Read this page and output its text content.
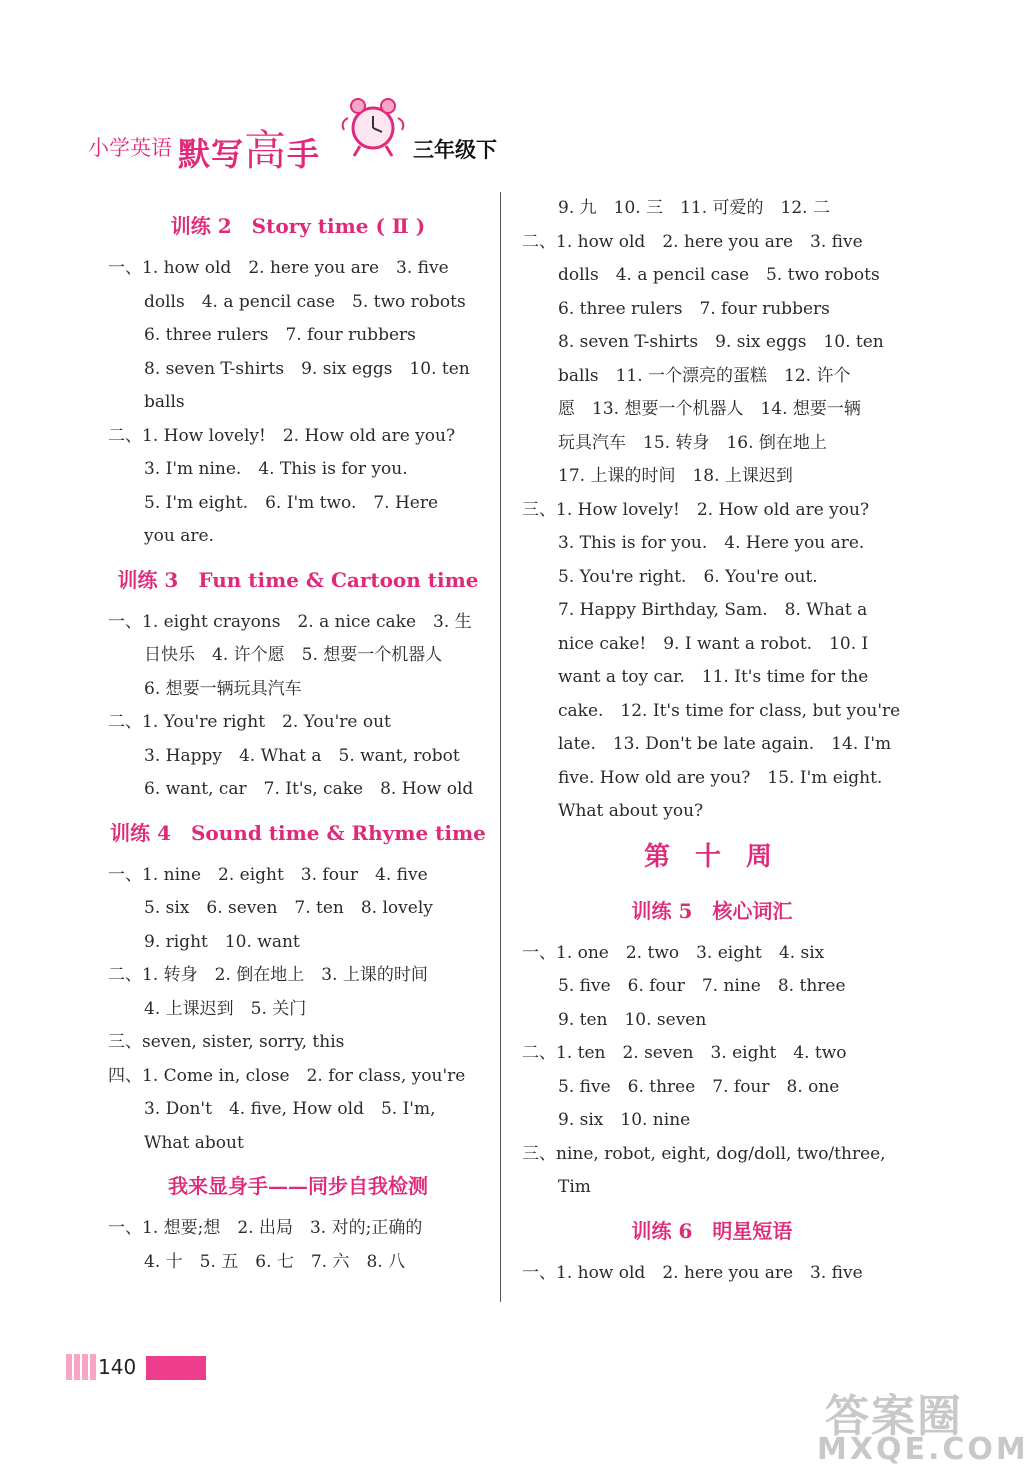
小学英语 默写高手	三年级下
训练 2　Story time ( Ⅱ )
一、1. how old　2. here you are　3. five
dolls　4. a pencil case　5. two robots
6. three rulers　7. four rubbers
8. seven T-shirts　9. six eggs　10. ten
balls
二、1. How lovely!　2. How old are you?
3. I'm nine.　4. This is for you.
5. I'm eight.　6. I'm two.　7. Here
you are.
训练 3　Fun time & Cartoon time
一、1. eight crayons　2. a nice cake　3. 生
日快乐　4. 许个愿　5. 想要一个机器人
6. 想要一辆玩具汽车
二、1. You're right　2. You're out
3. Happy　4. What a　5. want, robot
6. want, car　7. It's, cake　8. How old
训练 4　Sound time & Rhyme time
一、1. nine　2. eight　3. four　4. five
5. six　6. seven　7. ten　8. lovely
9. right　10. want
二、1. 转身　2. 倒在地上　3. 上课的时间
4. 上课迟到　5. 关门
三、seven, sister, sorry, this
四、1. Come in, close　2. for class, you're
3. Don't　4. five, How old　5. I'm,
What about
我来显身手——同步自我检测
一、1. 想要;想　2. 出局　3. 对的;正确的
4. 十　5. 五　6. 七　7. 六　8. 八
9. 九　10. 三　11. 可爱的　12. 二
二、1. how old　2. here you are　3. five
dolls　4. a pencil case　5. two robots
6. three rulers　7. four rubbers
8. seven T-shirts　9. six eggs　10. ten
balls　11. 一个漂亮的蛋糕　12. 许个
愿　13. 想要一个机器人　14. 想要一辆
玩具汽车　15. 转身　16. 倒在地上
17. 上课的时间　18. 上课迟到
三、1. How lovely!　2. How old are you?
3. This is for you.　4. Here you are.
5. You're right.　6. You're out.
7. Happy Birthday, Sam.　8. What a
nice cake!　9. I want a robot.　10. I
want a toy car.　11. It's time for the
cake.　12. It's time for class, but you're
late.　13. Don't be late again.　14. I'm
five. How old are you?　15. I'm eight.
What about you?
第 十 周
训练 5　核心词汇
一、1. one　2. two　3. eight　4. six
5. five　6. four　7. nine　8. three
9. ten　10. seven
二、1. ten　2. seven　3. eight　4. two
5. five　6. three　7. four　8. one
9. six　10. nine
三、nine, robot, eight, dog/doll, two/three,
Tim
训练 6　明星短语
一、1. how old　2. here you are　3. five
140
答案圈
MXQE.COM
